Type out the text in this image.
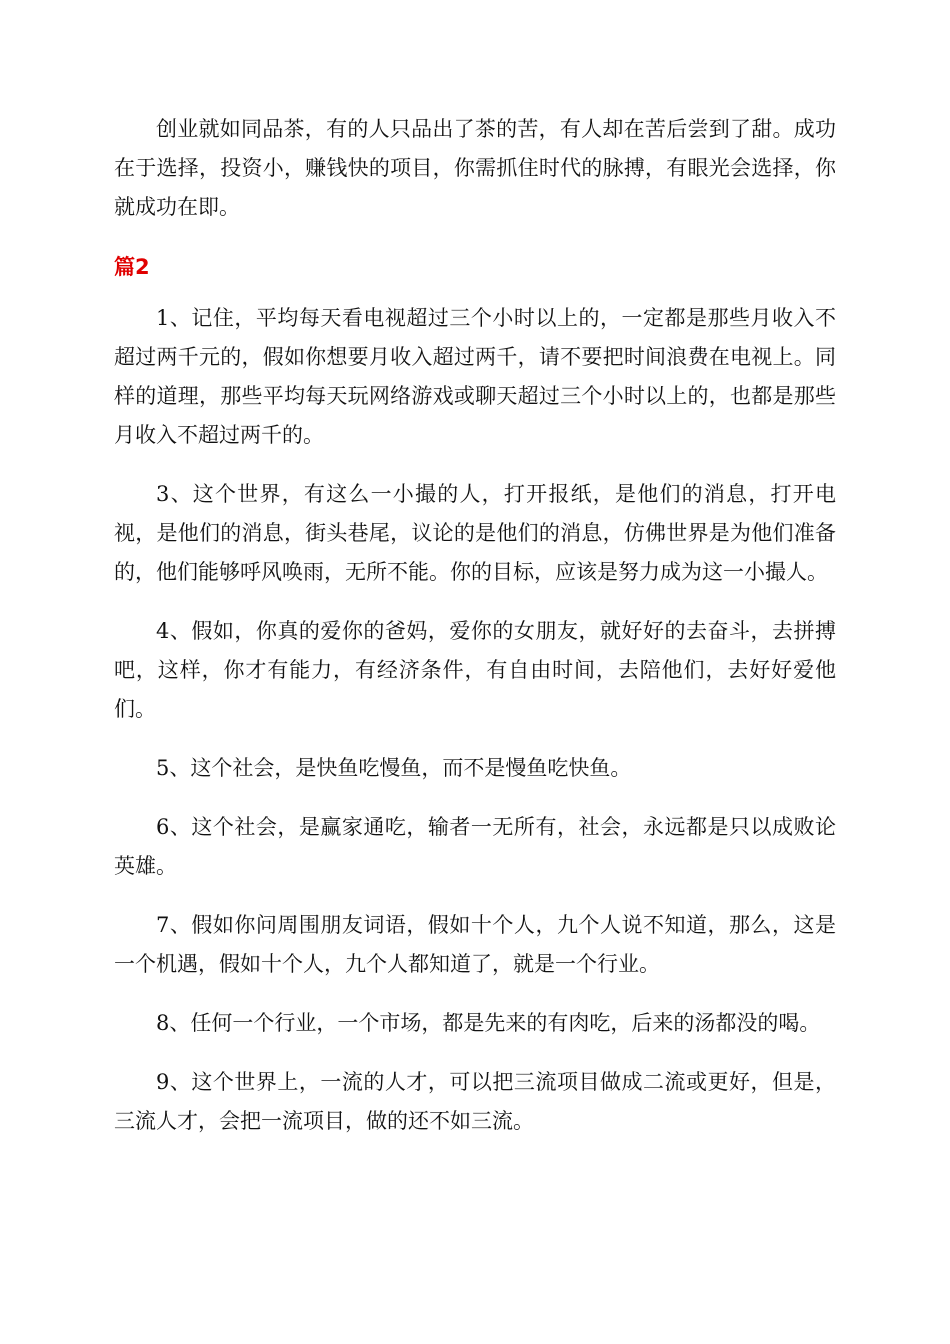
创业就如同品茶，有的人只品出了茶的苦，有人却在苦后尝到了甜。成功在于选择，投资小，赚钱快的项目，你需抓住时代的脉搏，有眼光会选择，你就成功在即。

篇2

1、记住，平均每天看电视超过三个小时以上的，一定都是那些月收入不超过两千元的，假如你想要月收入超过两千，请不要把时间浪费在电视上。同样的道理，那些平均每天玩网络游戏或聊天超过三个小时以上的，也都是那些月收入不超过两千的。

3、这个世界，有这么一小撮的人，打开报纸，是他们的消息，打开电视，是他们的消息，街头巷尾，议论的是他们的消息，仿佛世界是为他们准备的，他们能够呼风唤雨，无所不能。你的目标，应该是努力成为这一小撮人。

4、假如，你真的爱你的爸妈，爱你的女朋友，就好好的去奋斗，去拼搏吧，这样，你才有能力，有经济条件，有自由时间，去陪他们，去好好爱他们。

5、这个社会，是快鱼吃慢鱼，而不是慢鱼吃快鱼。

6、这个社会，是赢家通吃，输者一无所有，社会，永远都是只以成败论英雄。

7、假如你问周围朋友词语，假如十个人，九个人说不知道，那么，这是一个机遇，假如十个人，九个人都知道了，就是一个行业。

8、任何一个行业，一个市场，都是先来的有肉吃，后来的汤都没的喝。

9、这个世界上，一流的人才，可以把三流项目做成二流或更好，但是，三流人才，会把一流项目，做的还不如三流。
